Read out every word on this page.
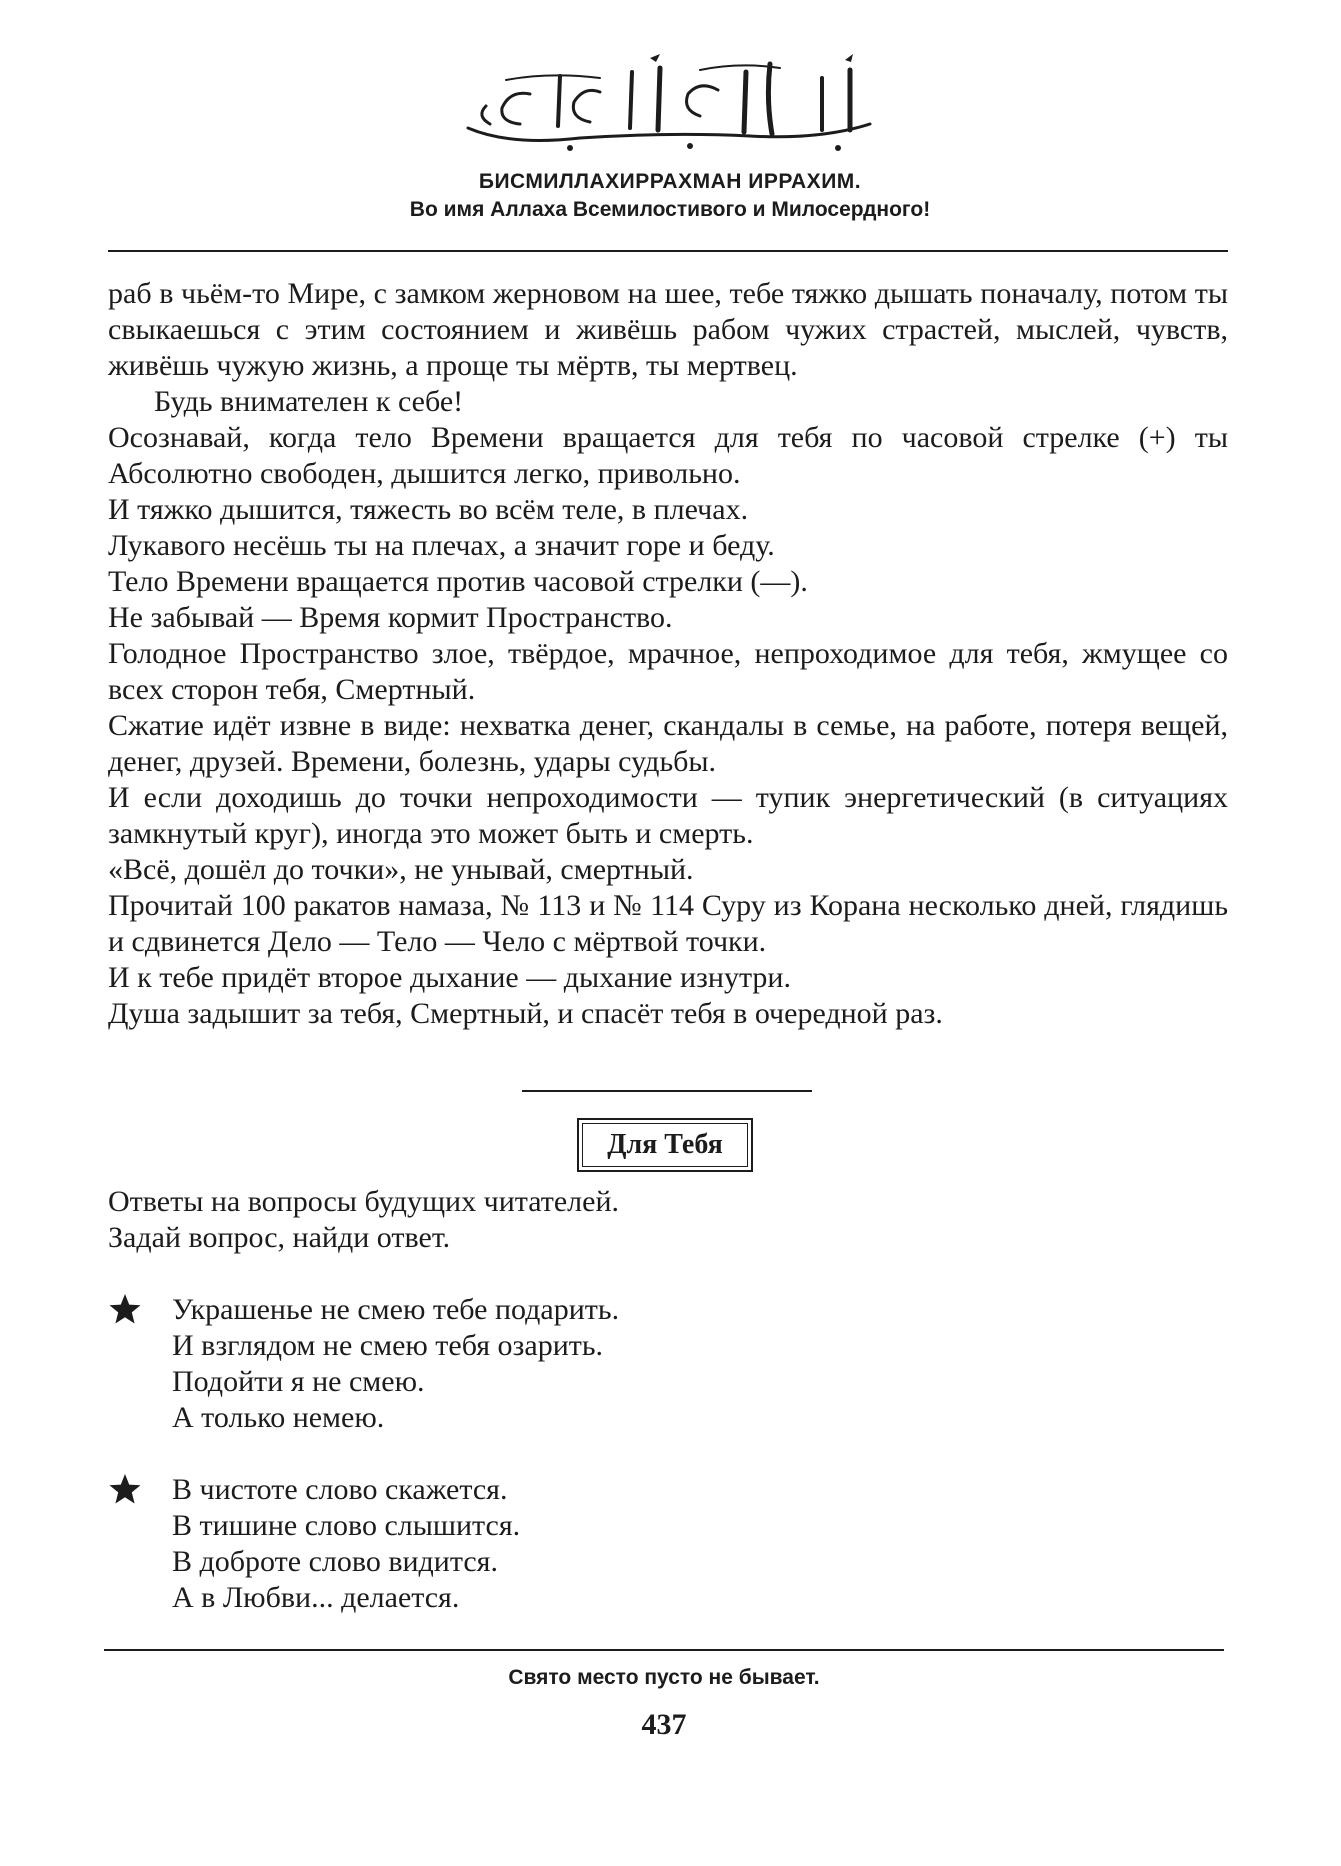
БИСМИЛЛАХИРРАХМАН ИРРАХИМ.
Во имя Аллаха Всемилостивого и Милосердного!

раб в чьём-то Мире, с замком жерновом на шее, тебе тяжко дышать поначалу, потом ты свыкаешься с этим состоянием и живёшь рабом чужих страстей, мыслей, чувств, живёшь чужую жизнь, а проще ты мёртв, ты мертвец.

Будь внимателен к себе!

Осознавай, когда тело Времени вращается для тебя по часовой стрелке (+) ты Абсолютно свободен, дышится легко, привольно.

И тяжко дышится, тяжесть во всём теле, в плечах.

Лукавого несёшь ты на плечах, а значит горе и беду.

Тело Времени вращается против часовой стрелки (—).

Не забывай — Время кормит Пространство.

Голодное Пространство злое, твёрдое, мрачное, непроходимое для тебя, жмущее со всех сторон тебя, Смертный.

Сжатие идёт извне в виде: нехватка денег, скандалы в семье, на работе, потеря вещей, денег, друзей. Времени, болезнь, удары судьбы.

И если доходишь до точки непроходимости — тупик энергетический (в ситуациях замкнутый круг), иногда это может быть и смерть.

«Всё, дошёл до точки», не унывай, смертный.

Прочитай 100 ракатов намаза, № 113 и № 114 Суру из Корана несколько дней, глядишь и сдвинется Дело — Тело — Чело с мёртвой точки.

И к тебе придёт второе дыхание — дыхание изнутри.

Душа задышит за тебя, Смертный, и спасёт тебя в очередной раз.

Для Тебя

Ответы на вопросы будущих читателей.

Задай вопрос, найди ответ.

Украшенье не смею тебе подарить.

И взглядом не смею тебя озарить.

Подойти я не смею.

А только немею.

В чистоте слово скажется.

В тишине слово слышится.

В доброте слово видится.

А в Любви... делается.

Свято место пусто не бывает.
437
